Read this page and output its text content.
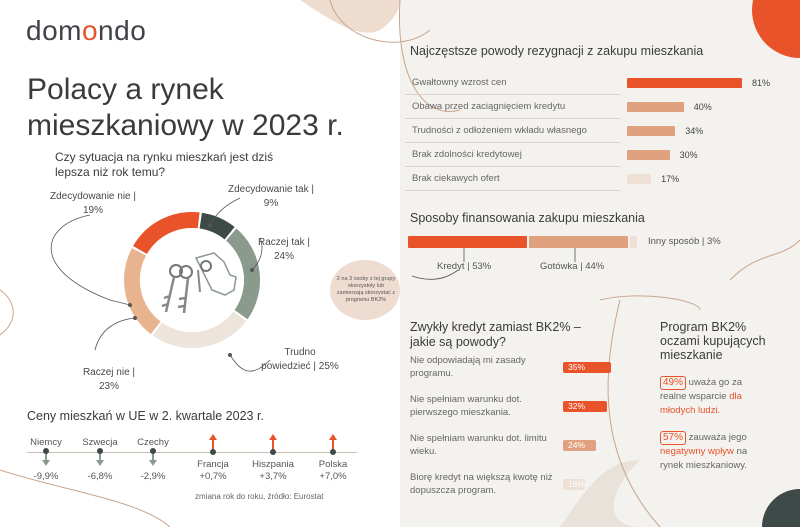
domondo
Polacy a rynek mieszkaniowy w 2023 r.
Czy sytuacja na rynku mieszkań jest dziś lepsza niż rok temu?
Zdecydowanie nie | 19%
Zdecydowanie tak | 9%
Raczej tak | 24%
Trudno powiedzieć | 25%
Raczej nie | 23%
Ceny mieszkań w UE w 2. kwartale 2023 r.
Niemcy
-9,9%
Szwecja
-6,8%
Czechy
-2,9%
Francja
+0,7%
Hiszpania
+3,7%
Polska
+7,0%
zmiana rok do roku, źródło: Eurostat
Najczęstsze powody rezygnacji z zakupu mieszkania
Gwałtowny wzrost cen	81%
Obawa przed zaciągnięciem kredytu	40%
Trudności z odłożeniem wkładu własnego	34%
Brak zdolności kredytowej	30%
Brak ciekawych ofert	17%
Sposoby finansowania zakupu mieszkania
Inny sposób | 3%
Kredyt | 53%	Gotówka | 44%
2 na 3 osoby z tej grupy skorzystoły lub zamierzają skorzystać z programu BK2%
Zwykły kredyt zamiast BK2% – jakie są powody?
Nie odpowiadają mi zasady programu.
35%
Nie spełniam warunku dot. pierwszego mieszkania.
32%
Nie spełniam warunku dot. limitu wieku.
24%
Biorę kredyt na większą kwotę niż dopuszcza program.
16%
Program BK2% oczami kupujących mieszkanie
49% uważa go za realne wsparcie dla młodych ludzi.
57% zauważa jego negatywny wpływ na rynek mieszkaniowy.
